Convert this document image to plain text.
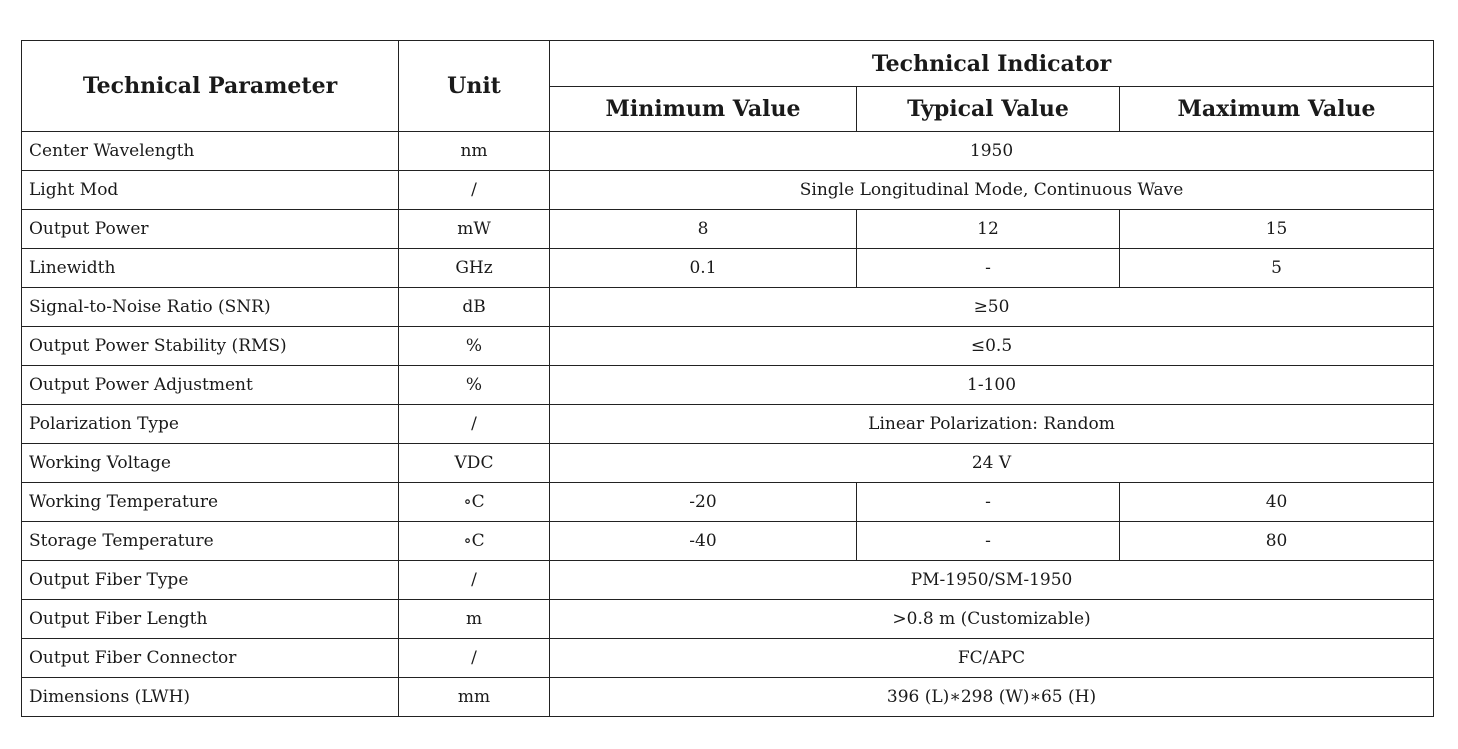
Technical Parameter	Unit	Technical Indicator		
		Minimum Value	Typical Value	Maximum Value
Center Wavelength	nm	1950		
Light Mod	/	Single Longitudinal Mode, Continuous Wave		
Output Power	mW	8	12	15
Linewidth	GHz	0.1	-	5
Signal-to-Noise Ratio (SNR)	dB	≥50		
Output Power Stability (RMS)	%	≤0.5		
Output Power Adjustment	%	1-100		
Polarization Type	/	Linear Polarization: Random		
Working Voltage	VDC	24 V		
Working Temperature	∘C	-20	-	40
Storage Temperature	∘C	-40	-	80
Output Fiber Type	/	PM-1950/SM-1950		
Output Fiber Length	m	>0.8 m (Customizable)		
Output Fiber Connector	/	FC/APC		
Dimensions (LWH)	mm	396 (L)∗298 (W)∗65 (H)		
